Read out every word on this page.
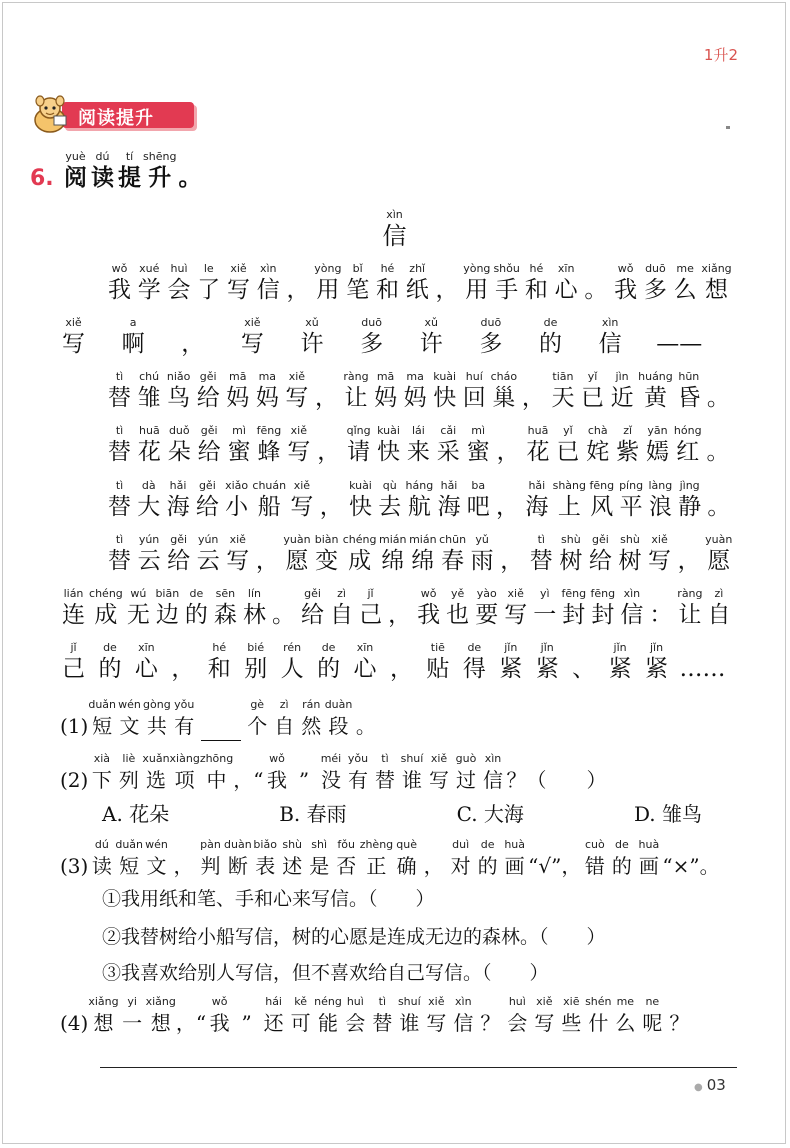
1升2
阅读提升
6.
yuè
阅
dú
读
tí
提
shēng
升 。
xìn
信
wǒ
我
xué
学
huì
会
le
了
xiě
写
xìn
信 ，
yòng
用
bǐ
笔
hé
和
zhǐ
纸 ，
yòng
用
shǒu
手
hé
和
xīn
心 。
wǒ
我
duō
多
me
么
xiǎng
想
xiě
写
a
啊 ，
xiě
写
xǔ
许
duō
多
xǔ
许
duō
多
de
的
xìn
信 ——
tì
替
chú
雏
niǎo
鸟
gěi
给
mā
妈
ma
妈
xiě
写 ，
ràng
让
mā
妈
ma
妈
kuài
快
huí
回
cháo
巢 ，
tiān
天
yǐ
已
jìn
近
huáng
黄
hūn
昏 。
tì
替
huā
花
duǒ
朵
gěi
给
mì
蜜
fēng
蜂
xiě
写 ，
qǐng
请
kuài
快
lái
来
cǎi
采
mì
蜜 ，
huā
花
yǐ
已
chà
姹
zǐ
紫
yān
嫣
hóng
红 。
tì
替
dà
大
hǎi
海
gěi
给
xiǎo
小
chuán
船
xiě
写 ，
kuài
快
qù
去
háng
航
hǎi
海
ba
吧 ，
hǎi
海
shàng
上
fēng
风
píng
平
làng
浪
jìng
静 。
tì
替
yún
云
gěi
给
yún
云
xiě
写 ，
yuàn
愿
biàn
变
chéng
成
mián
绵
mián
绵
chūn
春
yǔ
雨 ，
tì
替
shù
树
gěi
给
shù
树
xiě
写 ，
yuàn
愿
lián
连
chéng
成
wú
无
biān
边
de
的
sēn
森
lín
林 。
gěi
给
zì
自
jǐ
己 ，
wǒ
我
yě
也
yào
要
xiě
写
yì
一
fēng
封
fēng
封
xìn
信 ：
ràng
让
zì
自
jǐ
己
de
的
xīn
心 ，
hé
和
bié
别
rén
人
de
的
xīn
心 ，
tiē
贴
de
得
jǐn
紧
jǐn
紧 、
jǐn
紧
jǐn
紧 ……
(1)
duǎn
短
wén
文
gòng
共
yǒu
有
gè
个
zì
自
rán
然
duàn
段 。
(2)
xià
下
liè
列
xuǎn
选
xiàng
项
zhōng
中 ，“
wǒ
我 ”
méi
没
yǒu
有
tì
替
shuí
谁
xiě
写
guò
过
xìn
信 ？（　　）
A. 花朵	B. 春雨	C. 大海	D. 雏鸟
(3)
dú
读
duǎn
短
wén
文 ，
pàn
判
duàn
断
biǎo
表
shù
述
shì
是
fǒu
否
zhèng
正
què
确 ，
duì
对
de
的
huà
画 “√”，
cuò
错
de
的
huà
画 “×”。
①我用纸和笔、手和心来写信。（　　）
②我替树给小船写信，树的心愿是连成无边的森林。（　　）
③我喜欢给别人写信，但不喜欢给自己写信。（　　）
(4)
xiǎng
想
yi
一
xiǎng
想 ，“
wǒ
我 ”
hái
还
kě
可
néng
能
huì
会
tì
替
shuí
谁
xiě
写
xìn
信 ？
huì
会
xiě
写
xiē
些
shén
什
me
么
ne
呢 ？
● 03
